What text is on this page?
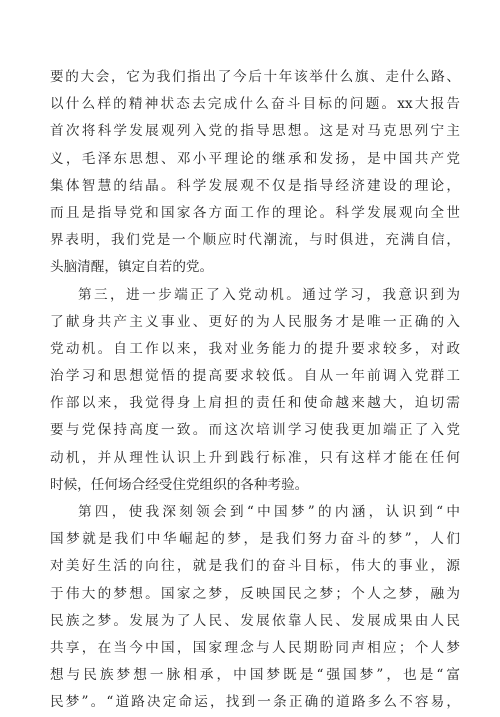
要的大会，它为我们指出了今后十年该举什么旗、走什么路、
以什么样的精神状态去完成什么奋斗目标的问题。xx大报告
首次将科学发展观列入党的指导思想。这是对马克思列宁主
义，毛泽东思想、邓小平理论的继承和发扬，是中国共产党
集体智慧的结晶。科学发展观不仅是指导经济建设的理论，
而且是指导党和国家各方面工作的理论。科学发展观向全世
界表明，我们党是一个顺应时代潮流，与时俱进，充满自信，
头脑清醒，镇定自若的党。
第三，进一步端正了入党动机。通过学习，我意识到为
了献身共产主义事业、更好的为人民服务才是唯一正确的入
党动机。自工作以来，我对业务能力的提升要求较多，对政
治学习和思想觉悟的提高要求较低。自从一年前调入党群工
作部以来，我觉得身上肩担的责任和使命越来越大，迫切需
要与党保持高度一致。而这次培训学习使我更加端正了入党
动机，并从理性认识上升到践行标准，只有这样才能在任何
时候，任何场合经受住党组织的各种考验。
第四，使我深刻领会到“中国梦”的内涵，认识到“中
国梦就是我们中华崛起的梦，是我们努力奋斗的梦”，人们
对美好生活的向往，就是我们的奋斗目标，伟大的事业，源
于伟大的梦想。国家之梦，反映国民之梦；个人之梦，融为
民族之梦。发展为了人民、发展依靠人民、发展成果由人民
共享，在当今中国，国家理念与人民期盼同声相应；个人梦
想与民族梦想一脉相承，中国梦既是“强国梦”，也是“富
民梦”。“道路决定命运，找到一条正确的道路多么不容易，
